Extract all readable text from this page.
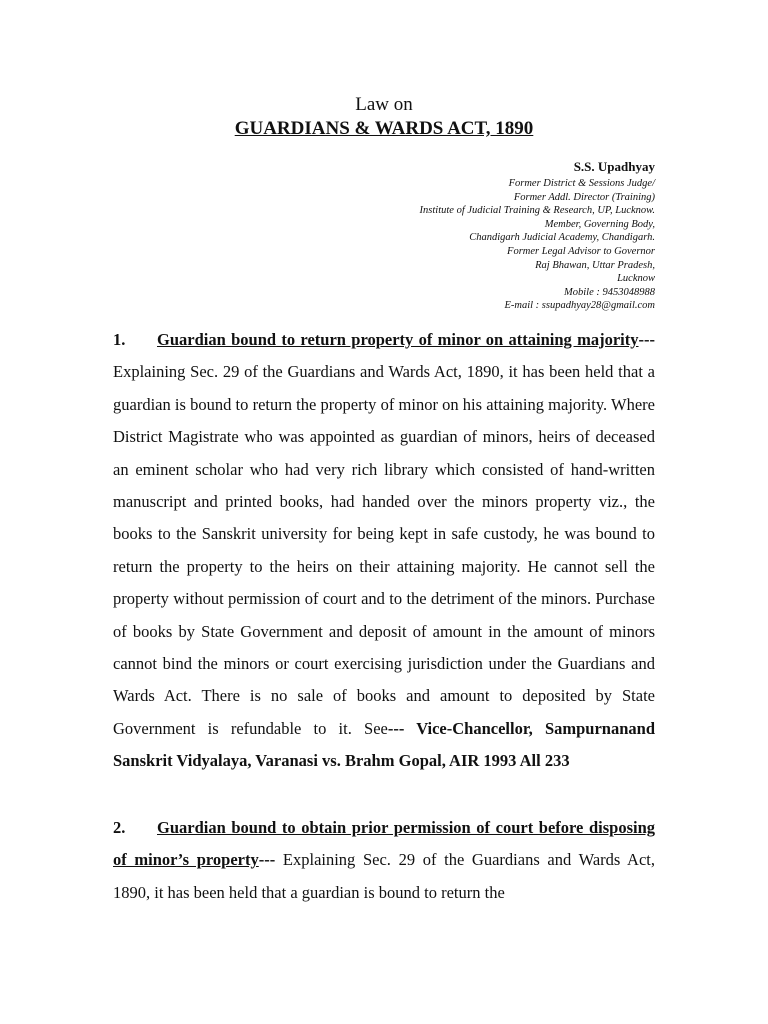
Law on
GUARDIANS & WARDS ACT, 1890
S.S. Upadhyay
Former District & Sessions Judge/
Former Addl. Director (Training)
Institute of Judicial Training & Research, UP, Lucknow.
Member, Governing Body,
Chandigarh Judicial Academy, Chandigarh.
Former Legal Advisor to Governor
Raj Bhawan, Uttar Pradesh,
Lucknow
Mobile : 9453048988
E-mail : ssupadhyay28@gmail.com
1. Guardian bound to return property of minor on attaining majority--- Explaining Sec. 29 of the Guardians and Wards Act, 1890, it has been held that a guardian is bound to return the property of minor on his attaining majority. Where District Magistrate who was appointed as guardian of minors, heirs of deceased an eminent scholar who had very rich library which consisted of hand-written manuscript and printed books, had handed over the minors property viz., the books to the Sanskrit university for being kept in safe custody, he was bound to return the property to the heirs on their attaining majority. He cannot sell the property without permission of court and to the detriment of the minors. Purchase of books by State Government and deposit of amount in the amount of minors cannot bind the minors or court exercising jurisdiction under the Guardians and Wards Act. There is no sale of books and amount to deposited by State Government is refundable to it. See--- Vice-Chancellor, Sampurnanand Sanskrit Vidyalaya, Varanasi vs. Brahm Gopal, AIR 1993 All 233
2. Guardian bound to obtain prior permission of court before disposing of minor’s property--- Explaining Sec. 29 of the Guardians and Wards Act, 1890, it has been held that a guardian is bound to return the
